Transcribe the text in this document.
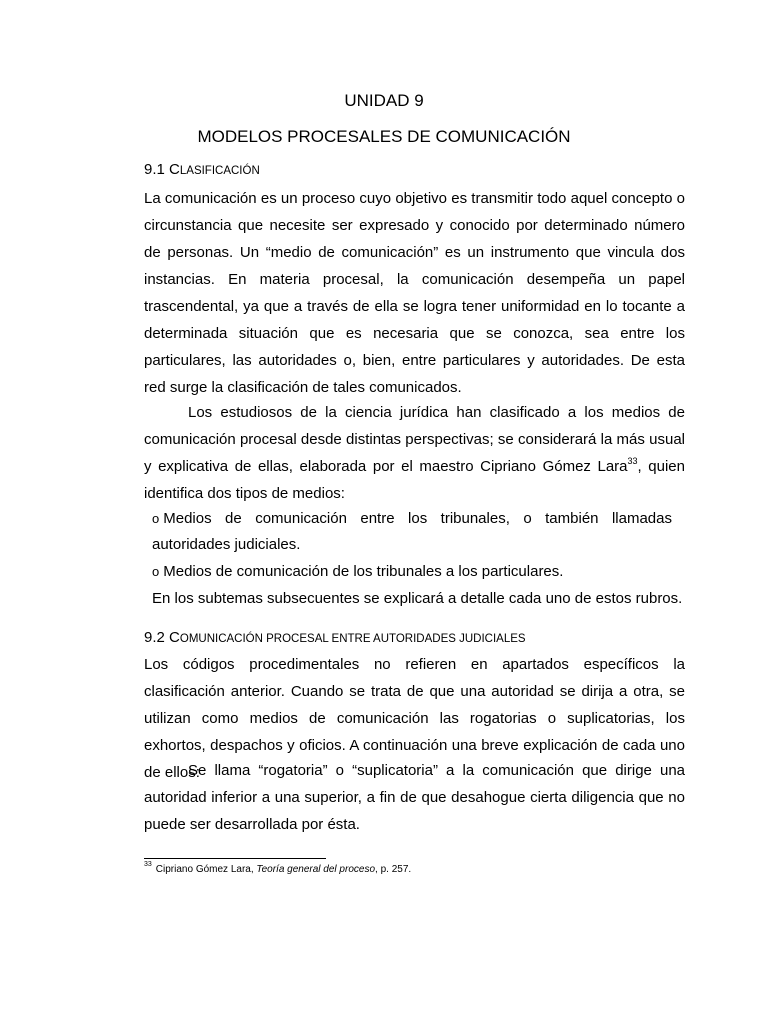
UNIDAD 9
MODELOS PROCESALES DE COMUNICACIÓN
9.1 CLASIFICACIÓN

La comunicación es un proceso cuyo objetivo es transmitir todo aquel concepto o circunstancia que necesite ser expresado y conocido por determinado número de personas. Un “medio de comunicación” es un instrumento que vincula dos instancias. En materia procesal, la comunicación desempeña un papel trascendental, ya que a través de ella se logra tener uniformidad en lo tocante a determinada situación que es necesaria que se conozca, sea entre los particulares, las autoridades o, bien, entre particulares y autoridades. De esta red surge la clasificación de tales comunicados.

Los estudiosos de la ciencia jurídica han clasificado a los medios de comunicación procesal desde distintas perspectivas; se considerará la más usual y explicativa de ellas, elaborada por el maestro Cipriano Gómez Lara$^{33}$, quien identifica dos tipos de medios:

o Medios de comunicación entre los tribunales, o también llamadas
autoridades judiciales.
o Medios de comunicación de los tribunales a los particulares.
En los subtemas subsecuentes se explicará a detalle cada uno de estos rubros.
9.2 COMUNICACIÓN PROCESAL ENTRE AUTORIDADES JUDICIALES

Los códigos procedimentales no refieren en apartados específicos la clasificación anterior. Cuando se trata de que una autoridad se dirija a otra, se utilizan como medios de comunicación las rogatorias o suplicatorias, los exhortos, despachos y oficios. A continuación una breve explicación de cada uno de ellos:

Se llama “rogatoria” o “suplicatoria” a la comunicación que dirige una autoridad inferior a una superior, a fin de que desahogue cierta diligencia que no puede ser desarrollada por ésta.

$^{33}$ Cipriano Gómez Lara, Teoría general del proceso, p. 257.
